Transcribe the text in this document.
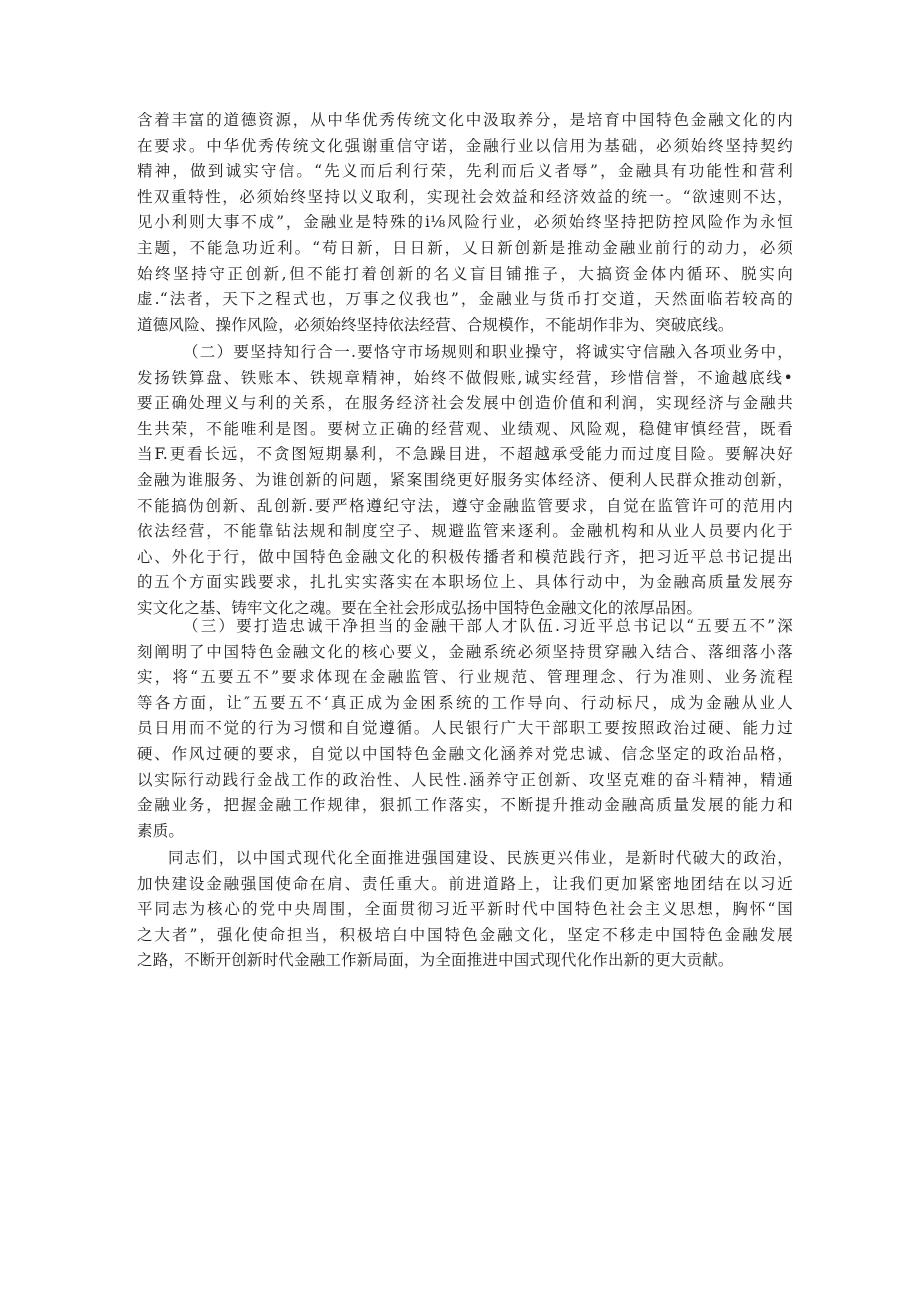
含着丰富的道德资源，从中华优秀传统文化中汲取养分，是培育中国特色金融文化的内
在要求。中华优秀传统文化强谢重信守诺，金融行业以信用为基础，必须始终坚持契约
精神，做到诚实守信。“先义而后利行荣，先利而后义者辱”，金融具有功能性和营利
性双重特性，必须始终坚持以义取利，实现社会效益和经济效益的统一。“欲速则不达，
见小利则大事不成”，金融业是特殊的i⅛风险行业，必须始终坚持把防控风险作为永恒
主题，不能急功近利。“苟日新，日日新，乂日新创新是推动金融业前行的动力，必须
始终坚持守正创新,但不能打着创新的名义盲目铺推子，大搞资金体内循环、脱实向
虚.“法者，天下之程式也，万事之仪我也”，金融业与货币打交道，天然面临若较高的
道德风险、操作风险，必须始终坚持依法经营、合规模作，不能胡作非为、突破底线。
（二）要坚持知行合一.要恪守市场规则和职业操守，将诚实守信融入各项业务中，
发扬铁算盘、铁账本、铁规章精神，始终不做假账,诚实经营，珍惜信誉，不逾越底线•
要正确处理义与利的关系，在服务经济社会发展中创造价值和利润，实现经济与金融共
生共荣，不能唯利是图。要树立正确的经营观、业绩观、风险观，稳健审慎经营，既看
当F.更看长远，不贪图短期暴利，不急躁目进，不超越承受能力而过度目险。要解决好
金融为谁服务、为谁创新的问题，紧案围绕更好服务实体经济、便利人民群众推动创新，
不能搞伪创新、乱创新.要严格遵纪守法，遵守金融监管要求，自觉在监管许可的范用内
依法经营，不能靠钻法规和制度空子、规避监管来逐利。金融机构和从业人员要内化于
心、外化于行，做中国特色金融文化的积极传播者和模范践行齐，把习近平总书记提出
的五个方面实践要求，扎扎实实落实在本职场位上、具体行动中，为金融高质量发展夯
实文化之基、铸牢文化之魂。要在全社会形成弘扬中国特色金融文化的浓厚品困。
（三）要打造忠诚干净担当的金融干部人才队伍.习近平总书记以“五要五不”深
刻阐明了中国特色金融文化的核心要义，金融系统必须坚持贯穿融入结合、落细落小落
实，将“五要五不”要求体现在金融监管、行业规范、管理理念、行为准则、业务流程
等各方面，让″五要五不‘真正成为金困系统的工作导向、行动标尺，成为金融从业人
员日用而不觉的行为习惯和自觉遵循。人民银行广大干部职工要按照政治过硬、能力过
硬、作风过硬的要求，自觉以中国特色金融文化涵养对党忠诚、信念坚定的政治品格，
以实际行动践行金战工作的政治性、人民性.涵养守正创新、攻坚克难的奋斗精神，精通
金融业务，把握金融工作规律，狠抓工作落实，不断提升推动金融高质量发展的能力和
素质。
同志们，以中国式现代化全面推进强国建设、民族更兴伟业，是新时代破大的政治，
加快建设金融强国使命在肩、责任重大。前进道路上，让我们更加紧密地团结在以习近
平同志为核心的党中央周围，全面贯彻习近平新时代中国特色社会主义思想，胸怀“国
之大者”，强化使命担当，积极培白中国特色金融文化，坚定不移走中国特色金融发展
之路，不断开创新时代金融工作新局面，为全面推进中国式现代化作出新的更大贡献。
